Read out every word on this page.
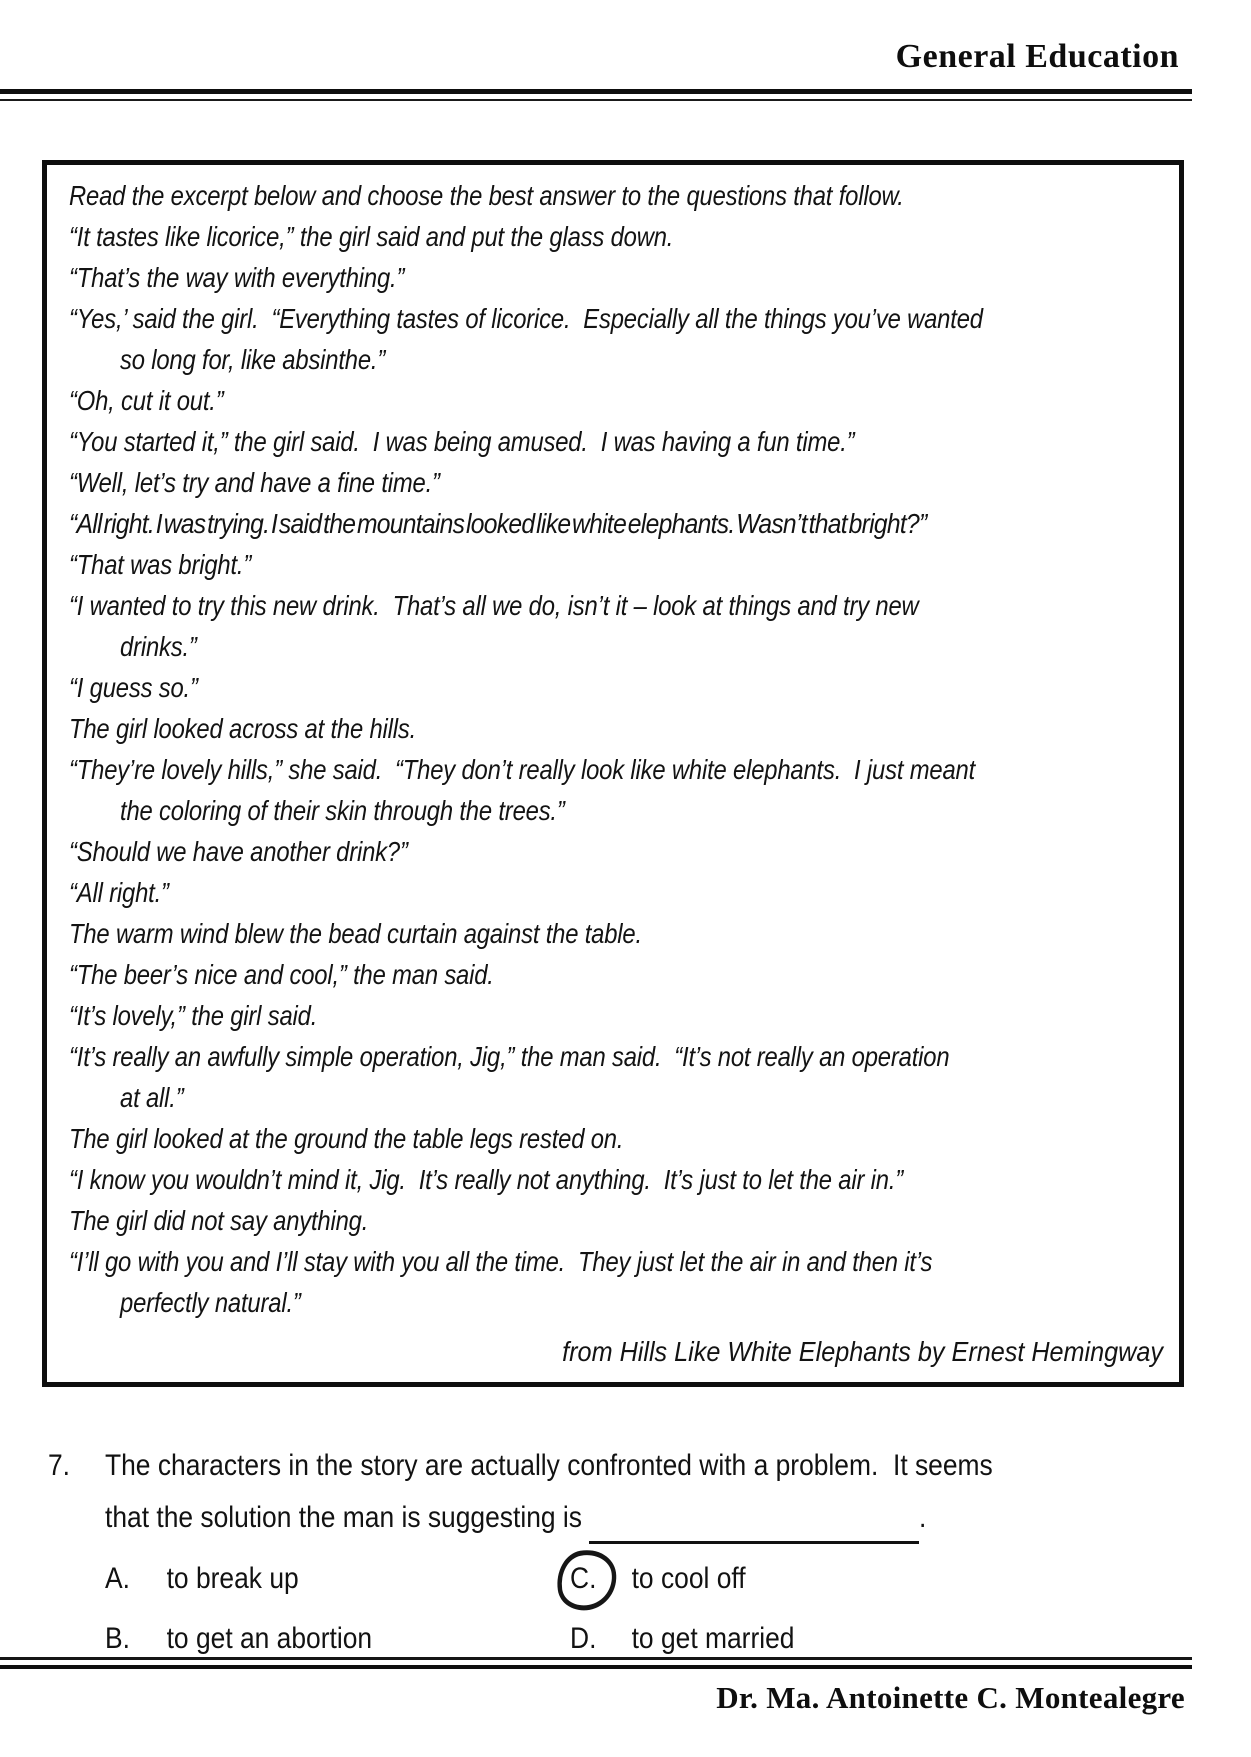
General Education
Read the excerpt below and choose the best answer to the questions that follow.
“It tastes like licorice,” the girl said and put the glass down.
“That’s the way with everything.”
“Yes,’ said the girl.  “Everything tastes of licorice.  Especially all the things you’ve wanted
so long for, like absinthe.”
“Oh, cut it out.”
“You started it,” the girl said.  I was being amused.  I was having a fun time.”
“Well, let’s try and have a fine time.”
“All right. I was trying. I said the mountains looked like white elephants. Wasn’t that bright?”
“That was bright.”
“I wanted to try this new drink.  That’s all we do, isn’t it – look at things and try new
drinks.”
“I guess so.”
The girl looked across at the hills.
“They’re lovely hills,” she said.  “They don’t really look like white elephants.  I just meant
the coloring of their skin through the trees.”
“Should we have another drink?”
“All right.”
The warm wind blew the bead curtain against the table.
“The beer’s nice and cool,” the man said.
“It’s lovely,” the girl said.
“It’s really an awfully simple operation, Jig,” the man said.  “It’s not really an operation
at all.”
The girl looked at the ground the table legs rested on.
“I know you wouldn’t mind it, Jig.  It’s really not anything.  It’s just to let the air in.”
The girl did not say anything.
“I’ll go with you and I’ll stay with you all the time.  They just let the air in and then it’s
perfectly natural.”
from Hills Like White Elephants by Ernest Hemingway
7.	The characters in the story are actually confronted with a problem.  It seems
that the solution the man is suggesting is	.
A.	to break up	C.	to cool off
B.	to get an abortion	D.	to get married
Dr. Ma. Antoinette C. Montealegre
